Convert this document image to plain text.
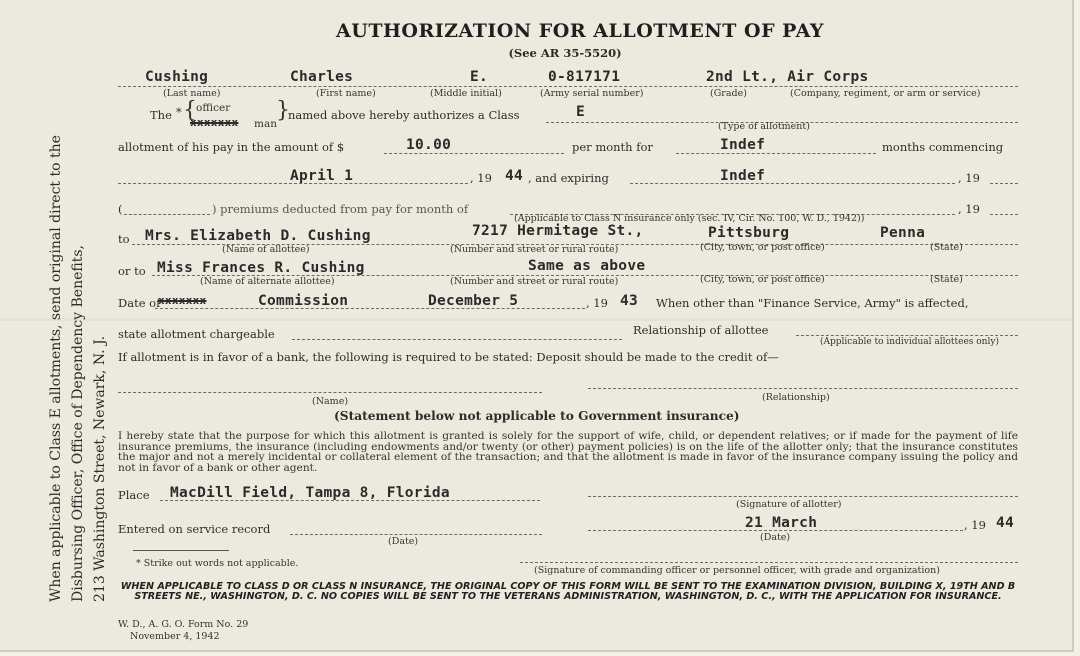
When applicable to Class E allotments, send original direct to the Disbursing Officer, Office of Dependency Benefits, 213 Washington Street, Newark, N. J.
AUTHORIZATION FOR ALLOTMENT OF PAY
(See AR 35-5520)
Cushing	Charles	E.	0-817171	2nd Lt., Air Corps
(Last name)	(First name)	(Middle initial)	(Army serial number)	(Grade)	(Company, regiment, or arm or service)
The * { officer
xxxxxxx man
}
named above hereby authorizes a Class	E
(Type of allotment)
allotment of his pay in the amount of $	10.00	per month for	Indef	months commencing
April 1	, 19 44 , and expiring	Indef	, 19
(	) premiums deducted from pay for month of	, 19
(Applicable to Class N insurance only (sec. IV, Cir. No. 100, W. D., 1942))
to Mrs. Elizabeth D. Cushing	7217 Hermitage St.,	Pittsburg	Penna
(Name of allottee)	(Number and street or rural route)	(City, town, or post office)	(State)
or to Miss Frances R. Cushing	Same as above
(Name of alternate allottee)	(Number and street or rural route)	(City, town, or post office)	(State)
Date of
xxxxxxx	Commission	December 5	, 19 43 When other than "Finance Service, Army" is affected,
state allotment chargeable	Relationship of allottee
(Applicable to individual allottees only)
If allotment is in favor of a bank, the following is required to be stated: Deposit should be made to the credit of—
(Name)	(Relationship)
(Statement below not applicable to Government insurance)
I hereby state that the purpose for which this allotment is granted is solely for the support of wife, child, or dependent relatives; or if made for the payment of life insurance premiums, the insurance (including endowments and/or twenty (or other) payment policies) is on the life of the allotter only; that the insurance constitutes the major and not a merely incidental or collateral element of the transaction; and that the allotment is made in favor of the insurance company issuing the policy and not in favor of a bank or other agent.
Place MacDill Field, Tampa 8, Florida
(Signature of allotter)
Entered on service record
(Date)
21 March	, 19 44
(Date)
* Strike out words not applicable.
(Signature of commanding officer or personnel officer, with grade and organization)
WHEN APPLICABLE TO CLASS D OR CLASS N INSURANCE, THE ORIGINAL COPY OF THIS FORM WILL BE SENT TO THE EXAMINATION DIVISION, BUILDING X, 19TH AND B STREETS NE., WASHINGTON, D. C. NO COPIES WILL BE SENT TO THE VETERANS ADMINISTRATION, WASHINGTON, D. C., WITH THE APPLICATION FOR INSURANCE.
W. D., A. G. O. Form No. 29
November 4, 1942
